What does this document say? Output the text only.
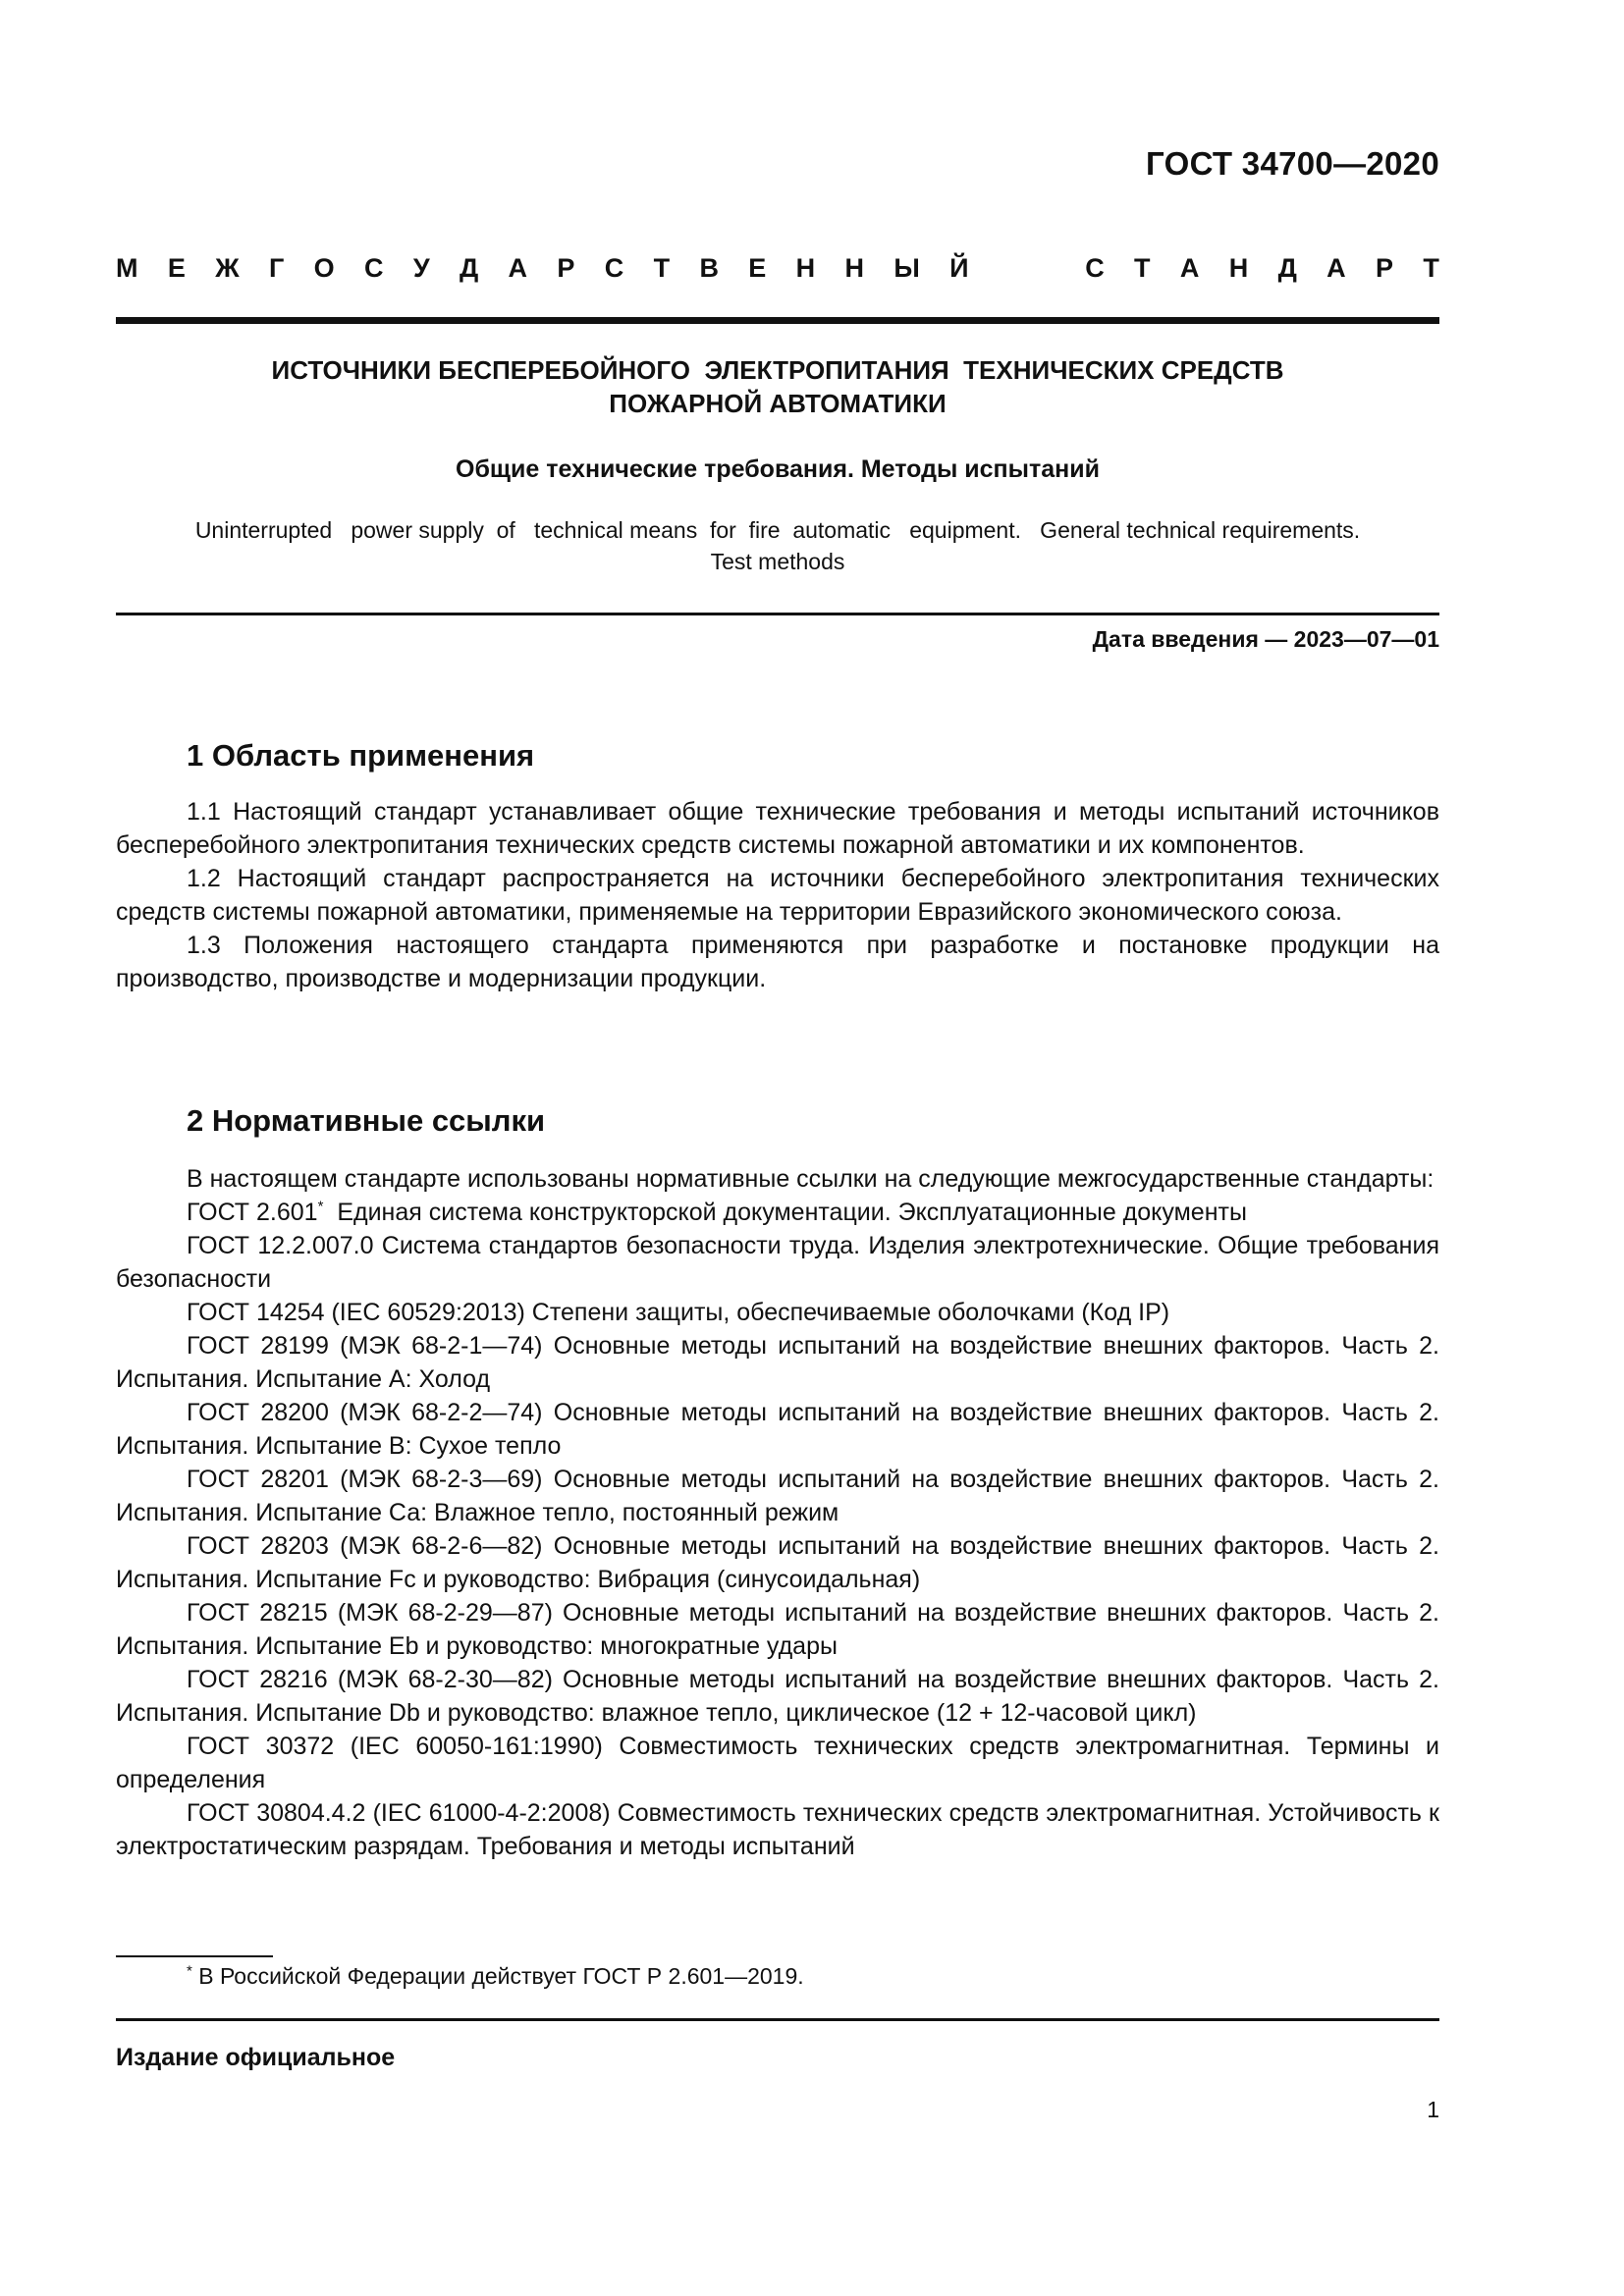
ГОСТ 34700—2020
М Е Ж Г О С У Д А Р С Т В Е Н Н Ы Й	С Т А Н Д А Р Т
ИСТОЧНИКИ БЕСПЕРЕБОЙНОГО  ЭЛЕКТРОПИТАНИЯ  ТЕХНИЧЕСКИХ СРЕДСТВ
ПОЖАРНОЙ АВТОМАТИКИ
Общие технические требования. Методы испытаний
Uninterrupted   power supply  of   technical means  for  fire  automatic   equipment.   General technical requirements.
Test methods
Дата введения — 2023—07—01
1 Область применения

1.1 Настоящий стандарт устанавливает общие технические требования и методы испытаний источников бесперебойного электропитания технических средств системы пожарной автоматики и их компонентов.

1.2 Настоящий стандарт распространяется на источники бесперебойного электропитания технических средств системы пожарной автоматики, применяемые на территории Евразийского экономического союза.

1.3 Положения настоящего стандарта применяются при разработке и постановке продукции на производство, производстве и модернизации продукции.

2 Нормативные ссылки

В настоящем стандарте использованы нормативные ссылки на следующие межгосударственные стандарты:

ГОСТ 2.601*  Единая система конструкторской документации. Эксплуатационные документы

ГОСТ 12.2.007.0 Система стандартов безопасности труда. Изделия электротехнические. Общие требования безопасности

ГОСТ 14254 (IEC 60529:2013) Степени защиты, обеспечиваемые оболочками (Код IP)

ГОСТ 28199 (МЭК 68-2-1—74) Основные методы испытаний на воздействие внешних факторов. Часть 2. Испытания. Испытание А: Холод

ГОСТ 28200 (МЭК 68-2-2—74) Основные методы испытаний на воздействие внешних факторов. Часть 2. Испытания. Испытание В: Сухое тепло

ГОСТ 28201 (МЭК 68-2-3—69) Основные методы испытаний на воздействие внешних факторов. Часть 2. Испытания. Испытание Са: Влажное тепло, постоянный режим

ГОСТ 28203 (МЭК 68-2-6—82) Основные методы испытаний на воздействие внешних факторов. Часть 2. Испытания. Испытание Fc и руководство: Вибрация (синусоидальная)

ГОСТ 28215 (МЭК 68-2-29—87) Основные методы испытаний на воздействие внешних факторов. Часть 2. Испытания. Испытание Eb и руководство: многократные удары

ГОСТ 28216 (МЭК 68-2-30—82) Основные методы испытаний на воздействие внешних факторов. Часть 2. Испытания. Испытание Db и руководство: влажное тепло, циклическое (12 + 12-часовой цикл)

ГОСТ 30372 (IEC 60050-161:1990) Совместимость технических средств электромагнитная. Термины и определения

ГОСТ 30804.4.2 (IEC 61000-4-2:2008) Совместимость технических средств электромагнитная. Устойчивость к электростатическим разрядам. Требования и методы испытаний

* В Российской Федерации действует ГОСТ Р 2.601—2019.
Издание официальное
1
